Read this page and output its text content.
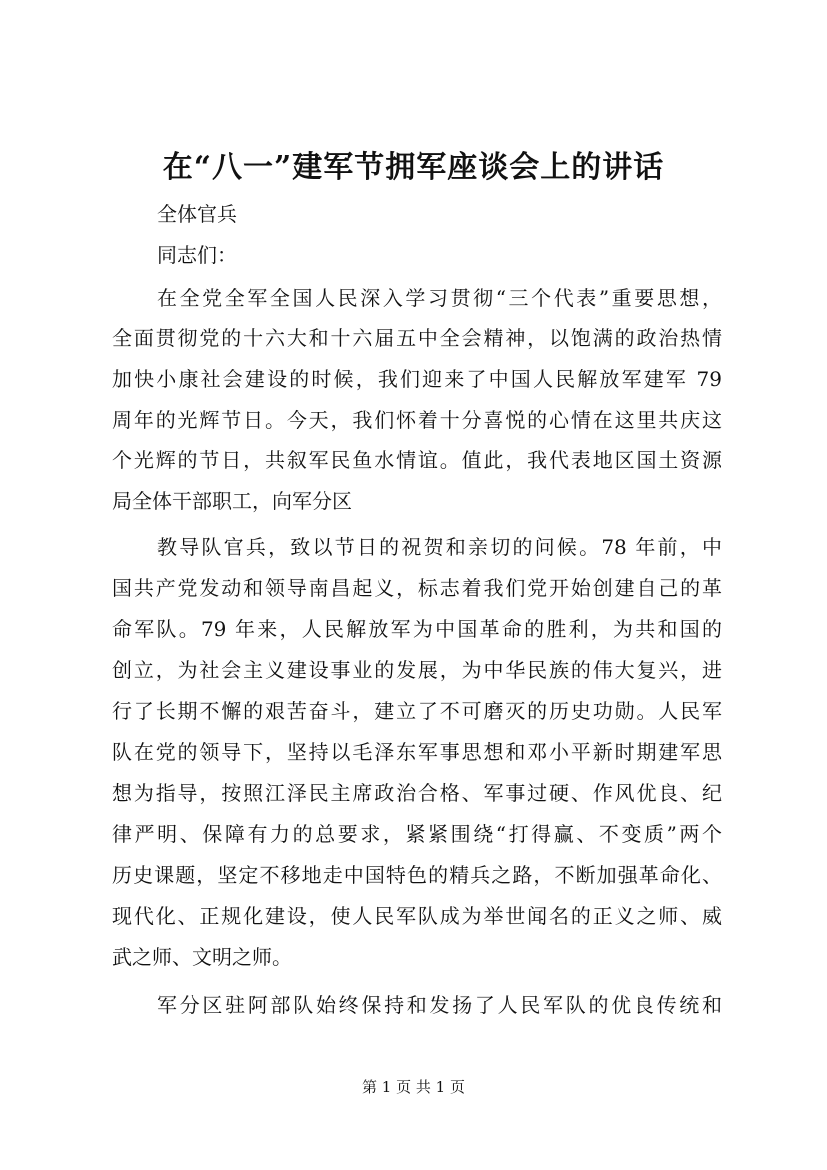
在“八一”建军节拥军座谈会上的讲话
全体官兵
同志们：
在全党全军全国人民深入学习贯彻“三个代表”重要思想，
全面贯彻党的十六大和十六届五中全会精神，以饱满的政治热情
加快小康社会建设的时候，我们迎来了中国人民解放军建军 79
周年的光辉节日。今天，我们怀着十分喜悦的心情在这里共庆这
个光辉的节日，共叙军民鱼水情谊。值此，我代表地区国土资源
局全体干部职工，向军分区
教导队官兵，致以节日的祝贺和亲切的问候。78 年前，中
国共产党发动和领导南昌起义，标志着我们党开始创建自己的革
命军队。79 年来，人民解放军为中国革命的胜利，为共和国的
创立，为社会主义建设事业的发展，为中华民族的伟大复兴，进
行了长期不懈的艰苦奋斗，建立了不可磨灭的历史功勋。人民军
队在党的领导下，坚持以毛泽东军事思想和邓小平新时期建军思
想为指导，按照江泽民主席政治合格、军事过硬、作风优良、纪
律严明、保障有力的总要求，紧紧围绕“打得赢、不变质”两个
历史课题，坚定不移地走中国特色的精兵之路，不断加强革命化、
现代化、正规化建设，使人民军队成为举世闻名的正义之师、威
武之师、文明之师。
军分区驻阿部队始终保持和发扬了人民军队的优良传统和
第 1 页 共 1 页
